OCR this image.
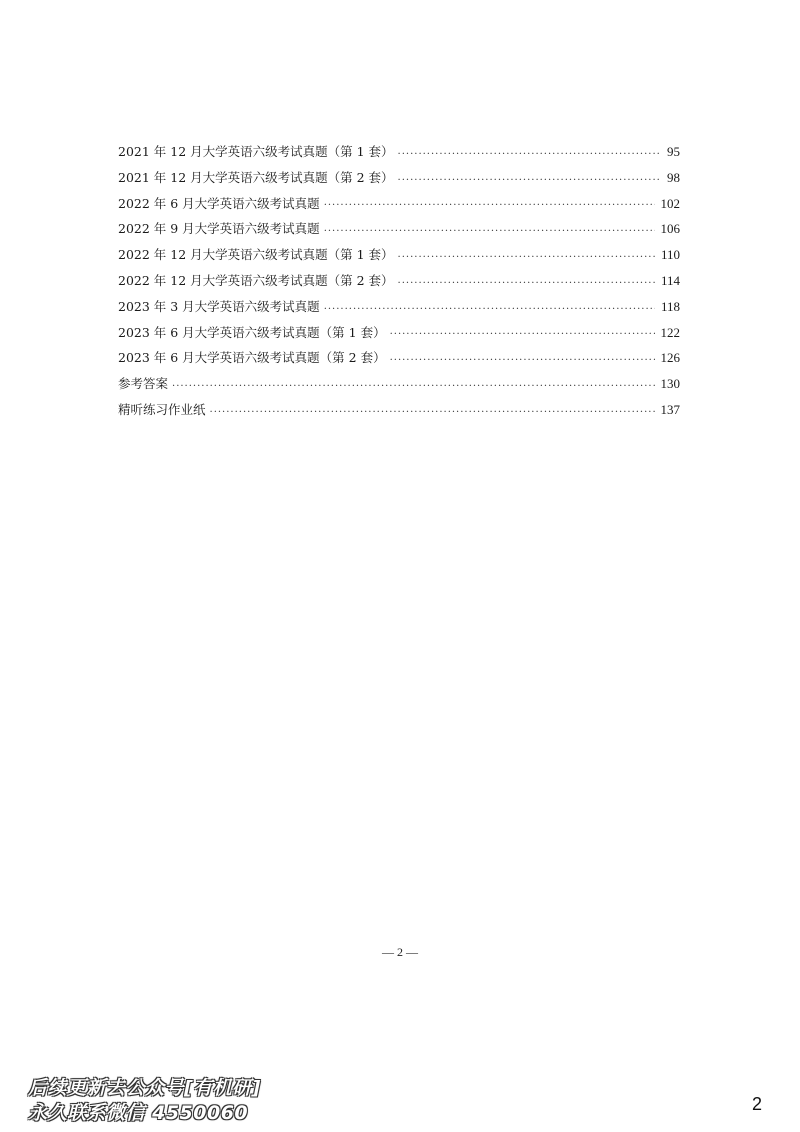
2021 年 12 月大学英语六级考试真题（第 1 套） .....	95
2021 年 12 月大学英语六级考试真题（第 2 套） .....	98
2022 年 6 月大学英语六级考试真题 .....	102
2022 年 9 月大学英语六级考试真题 .....	106
2022 年 12 月大学英语六级考试真题（第 1 套） .....	110
2022 年 12 月大学英语六级考试真题（第 2 套） .....	114
2023 年 3 月大学英语六级考试真题 .....	118
2023 年 6 月大学英语六级考试真题（第 1 套） .....	122
2023 年 6 月大学英语六级考试真题（第 2 套） .....	126
参考答案 .....	130
精听练习作业纸 .....	137
— 2 —
后续更新去公众号[有机研]
永久联系微信 4550060	2
